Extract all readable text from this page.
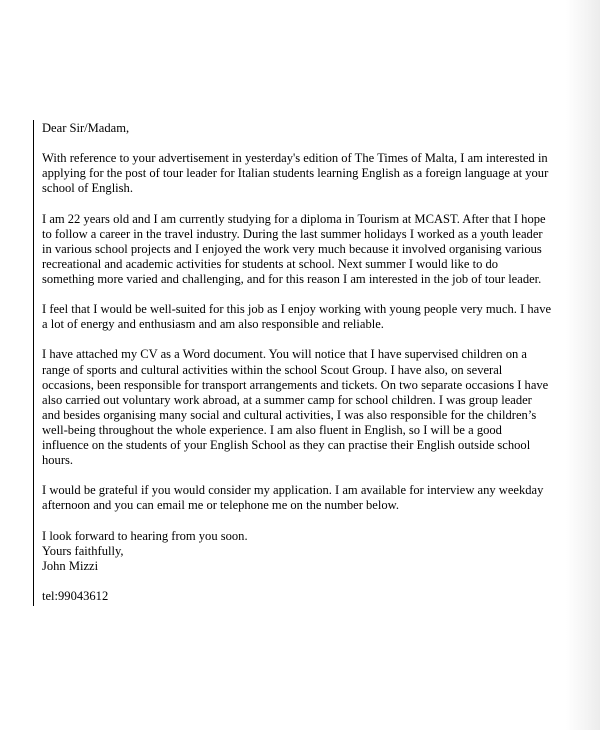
Dear Sir/Madam,

With reference to your advertisement in yesterday's edition of The Times of Malta, I am interested in

applying for the post of tour leader for Italian students learning English as a foreign language at your

school of English.

I am 22 years old and I am currently studying for a diploma in Tourism at MCAST. After that I hope

to follow a career in the travel industry. During the last summer holidays I worked as a youth leader

in various school projects and I enjoyed the work very much because it involved organising various

recreational and academic activities for students at school. Next summer I would like to do

something more varied and challenging, and for this reason I am interested in the job of tour leader.

I feel that I would be well-suited for this job as I enjoy working with young people very much. I have

a lot of energy and enthusiasm and am also responsible and reliable.

I have attached my CV as a Word document. You will notice that I have supervised children on a

range of sports and cultural activities within the school Scout Group. I have also, on several

occasions, been responsible for transport arrangements and tickets. On two separate occasions I have

also carried out voluntary work abroad, at a summer camp for school children. I was group leader

and besides organising many social and cultural activities, I was also responsible for the children’s

well-being throughout the whole experience. I am also fluent in English, so I will be a good

influence on the students of your English School as they can practise their English outside school

hours.

I would be grateful if you would consider my application. I am available for interview any weekday

afternoon and you can email me or telephone me on the number below.

I look forward to hearing from you soon.

Yours faithfully,

John Mizzi

tel:99043612
